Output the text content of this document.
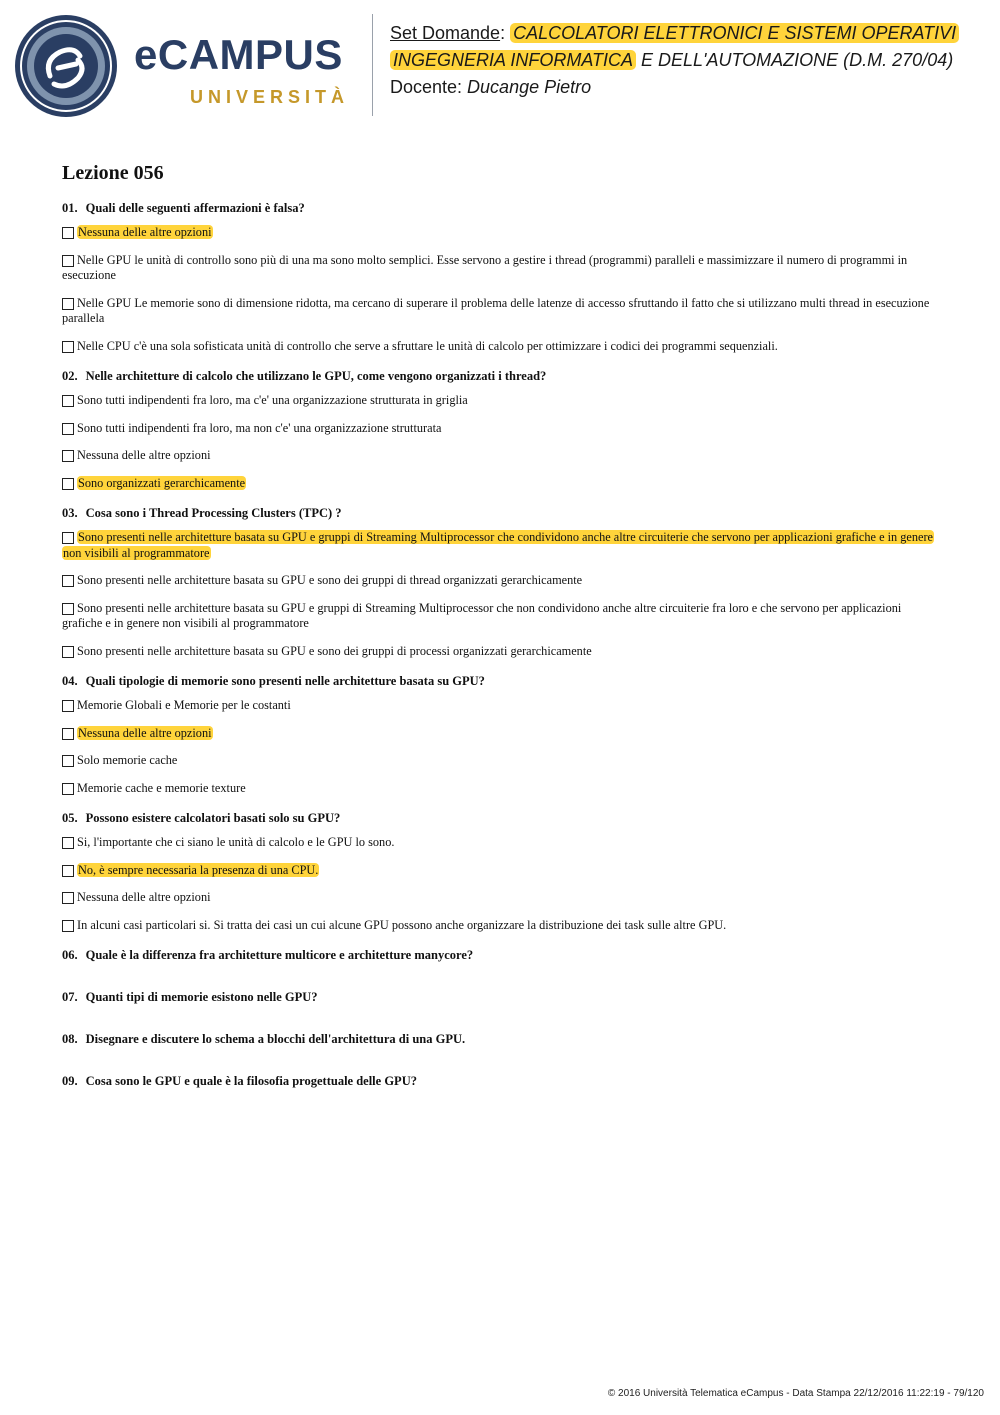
eCAMPUS
UNIVERSITÀ
Set Domande: CALCOLATORI ELETTRONICI E SISTEMI OPERATIVI
INGEGNERIA INFORMATICA E DELL'AUTOMAZIONE (D.M. 270/04)
Docente: Ducange Pietro
Lezione 056

01. Quali delle seguenti affermazioni è falsa?

Nessuna delle altre opzioni

Nelle GPU le unità di controllo sono più di una ma sono molto semplici. Esse servono a gestire i thread (programmi) paralleli e massimizzare il numero di programmi in esecuzione

Nelle GPU Le memorie sono di dimensione ridotta, ma cercano di superare il problema delle latenze di accesso sfruttando il fatto che si utilizzano multi thread in esecuzione parallela

Nelle CPU c'è una sola sofisticata unità di controllo che serve a sfruttare le unità di calcolo per ottimizzare i codici dei programmi sequenziali.

02. Nelle architetture di calcolo che utilizzano le GPU, come vengono organizzati i thread?

Sono tutti indipendenti fra loro, ma c'e' una organizzazione strutturata in griglia

Sono tutti indipendenti fra loro, ma non c'e' una organizzazione strutturata

Nessuna delle altre opzioni

Sono organizzati gerarchicamente

03. Cosa sono i Thread Processing Clusters (TPC) ?

Sono presenti nelle architetture basata su GPU e gruppi di Streaming Multiprocessor che condividono anche altre circuiterie che servono per applicazioni grafiche e in genere non visibili al programmatore

Sono presenti nelle architetture basata su GPU e sono dei gruppi di thread organizzati gerarchicamente

Sono presenti nelle architetture basata su GPU e gruppi di Streaming Multiprocessor che non condividono anche altre circuiterie fra loro e che servono per applicazioni grafiche e in genere non visibili al programmatore

Sono presenti nelle architetture basata su GPU e sono dei gruppi di processi organizzati gerarchicamente

04. Quali tipologie di memorie sono presenti nelle architetture basata su GPU?

Memorie Globali e Memorie per le costanti

Nessuna delle altre opzioni

Solo memorie cache

Memorie cache e memorie texture

05. Possono esistere calcolatori basati solo su GPU?

Si, l'importante che ci siano le unità di calcolo e le GPU lo sono.

No, è sempre necessaria la presenza di una CPU.

Nessuna delle altre opzioni

In alcuni casi particolari si. Si tratta dei casi un cui alcune GPU possono anche organizzare la distribuzione dei task sulle altre GPU.

06. Quale è la differenza fra architetture multicore e architetture manycore?

07. Quanti tipi di memorie esistono nelle GPU?

08. Disegnare e discutere lo schema a blocchi dell'architettura di una GPU.

09. Cosa sono le GPU e quale è la filosofia progettuale delle GPU?

© 2016 Università Telematica eCampus - Data Stampa 22/12/2016 11:22:19 - 79/120
